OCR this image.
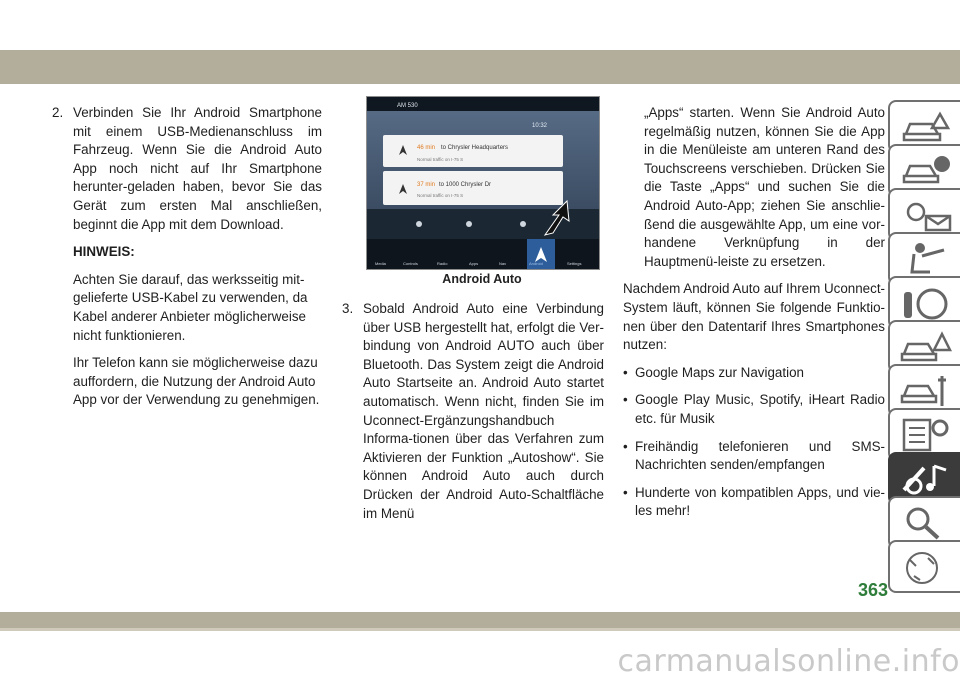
2. Verbinden Sie Ihr Android Smartphone mit einem USB-Medienanschluss im Fahrzeug. Wenn Sie die Android Auto App noch nicht auf Ihr Smartphone herunter-geladen haben, bevor Sie das Gerät zum ersten Mal anschließen, beginnt die App mit dem Download.

HINWEIS:

Achten Sie darauf, das werksseitig mit-gelieferte USB-Kabel zu verwenden, da Kabel anderer Anbieter möglicherweise nicht funktionieren.

Ihr Telefon kann sie möglicherweise dazu auffordern, die Nutzung der Android Auto App vor der Verwendung zu genehmigen.

AM 530
10:32
46 min to Chrysler Headquarters
Normal traffic on I-75 S
37 min to 1000 Chrysler Dr
Normal traffic on I-75 S
Media	Controls	Radio	Apps	Nav	Android	Settings
Android Auto
3. Sobald Android Auto eine Verbindung über USB hergestellt hat, erfolgt die Ver-bindung von Android AUTO auch über Bluetooth. Das System zeigt die Android Auto Startseite an. Android Auto startet automatisch. Wenn nicht, finden Sie im Uconnect-Ergänzungshandbuch Informa-tionen über das Verfahren zum Aktivieren der Funktion „Autoshow“. Sie können Android Auto auch durch Drücken der Android Auto-Schaltfläche im Menü

„Apps“ starten. Wenn Sie Android Auto regelmäßig nutzen, können Sie die App in die Menüleiste am unteren Rand des Touchscreens verschieben. Drücken Sie die Taste „Apps“ und suchen Sie die Android Auto-App; ziehen Sie anschlie-ßend die ausgewählte App, um eine vor-handene Verknüpfung in der Hauptmenü-leiste zu ersetzen.

Nachdem Android Auto auf Ihrem Uconnect-System läuft, können Sie folgende Funktio-nen über den Datentarif Ihres Smartphones nutzen:

• Google Maps zur Navigation
• Google Play Music, Spotify, iHeart Radio etc. für Musik
• Freihändig telefonieren und SMS-Nachrichten senden/empfangen
• Hunderte von kompatiblen Apps, und vie-les mehr!
363
carmanualsonline.info
